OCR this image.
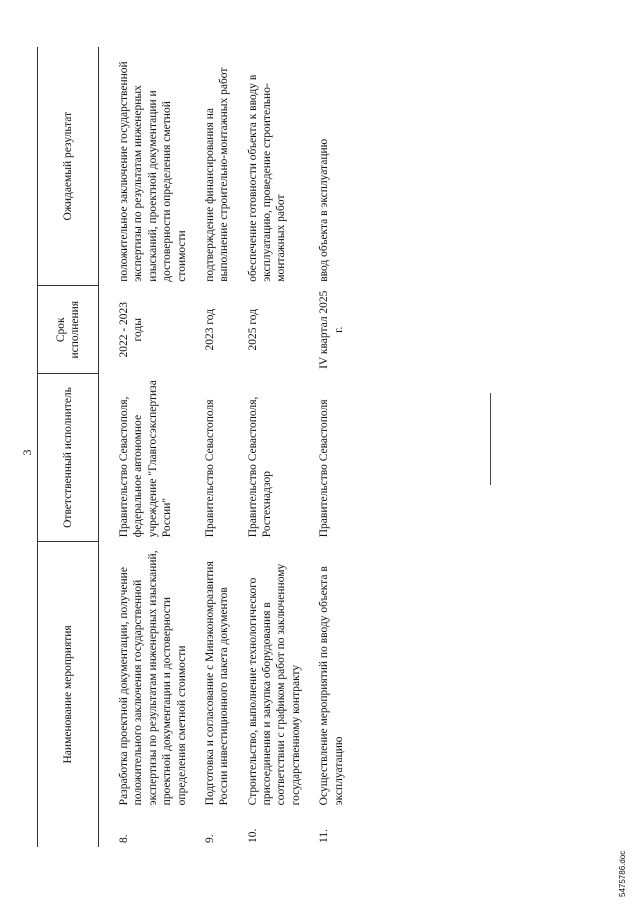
3
Наименование мероприятия		Ответственный исполнитель	Срок исполнения	Ожидаемый результат
8.	Разработка проектной документации, получение положительного заключения государственной экспертизы по результатам инженерных изысканий, проектной документации и достоверности определения сметной стоимости	Правительство Севастополя, федеральное автономное учреждение "Главгосэкспертиза России"	2022 - 2023 годы	положительное заключение государственной экспертизы по результатам инженерных изысканий, проектной документации и достоверности определения сметной стоимости
9.	Подготовка и согласование с Минэкономразвития России инвестиционного пакета документов	Правительство Севастополя	2023 год	подтверждение финансирования на выполнение строительно-монтажных работ
10.	Строительство, выполнение технологического присоединения и закупка оборудования в соответствии с графиком работ по заключенному государственному контракту	Правительство Севастополя, Ростехнадзор	2025 год	обеспечение готовности объекта к вводу в эксплуатацию, проведение строительно-монтажных работ
11.	Осуществление мероприятий по вводу объекта в эксплуатацию	Правительство Севастополя	IV квартал 2025 г.	ввод объекта в эксплуатацию
5475786.doc
